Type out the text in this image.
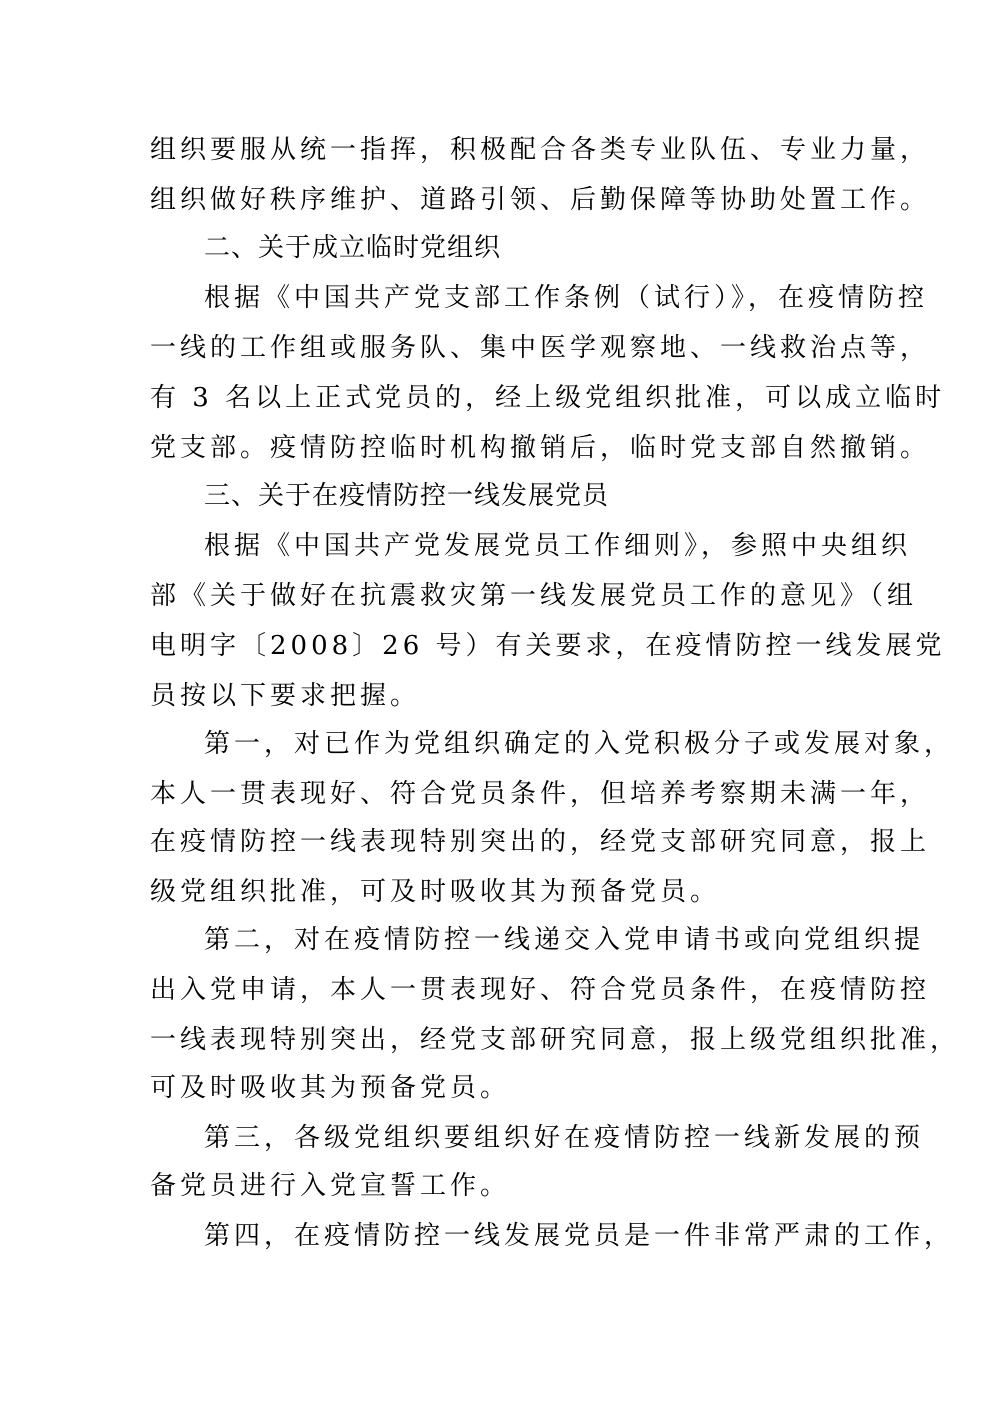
组织要服从统一指挥，积极配合各类专业队伍、专业力量，
组织做好秩序维护、道路引领、后勤保障等协助处置工作。
二、关于成立临时党组织
根据《中国共产党支部工作条例（试行）》，在疫情防控
一线的工作组或服务队、集中医学观察地、一线救治点等，
有 3 名以上正式党员的，经上级党组织批准，可以成立临时
党支部。疫情防控临时机构撤销后，临时党支部自然撤销。
三、关于在疫情防控一线发展党员
根据《中国共产党发展党员工作细则》，参照中央组织
部《关于做好在抗震救灾第一线发展党员工作的意见》（组
电明字〔2008〕26 号）有关要求，在疫情防控一线发展党
员按以下要求把握。
第一，对已作为党组织确定的入党积极分子或发展对象，
本人一贯表现好、符合党员条件，但培养考察期未满一年，
在疫情防控一线表现特别突出的，经党支部研究同意，报上
级党组织批准，可及时吸收其为预备党员。
第二，对在疫情防控一线递交入党申请书或向党组织提
出入党申请，本人一贯表现好、符合党员条件，在疫情防控
一线表现特别突出，经党支部研究同意，报上级党组织批准，
可及时吸收其为预备党员。
第三，各级党组织要组织好在疫情防控一线新发展的预
备党员进行入党宣誓工作。
第四，在疫情防控一线发展党员是一件非常严肃的工作，
